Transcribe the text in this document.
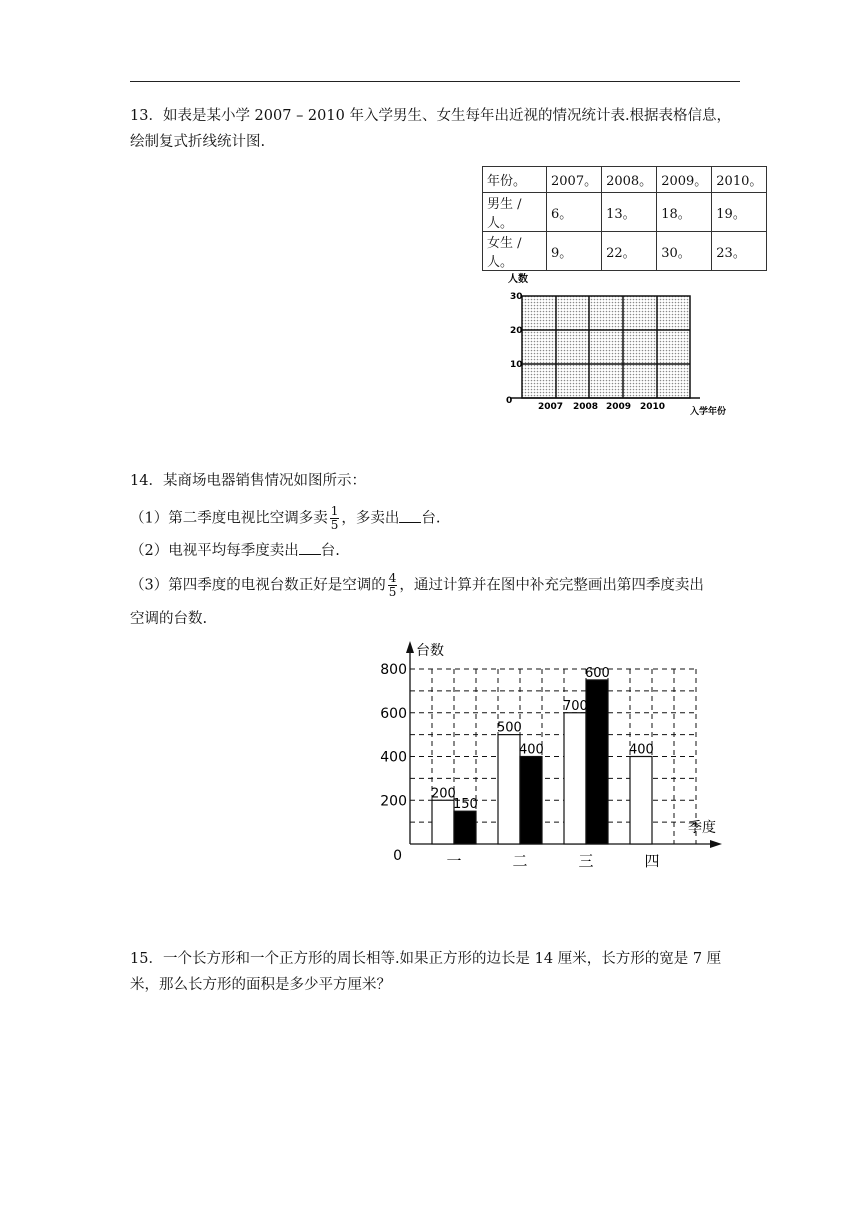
13．如表是某小学 2007 – 2010 年入学男生、女生每年出近视的情况统计表.根据表格信息，
绘制复式折线统计图.
年份。	2007。	2008。	2009。	2010。
男生 / 人。	6。	13。	18。	19。
女生 / 人。	9。	22。	30。	23。
人数
30
20
10
0
2007 2008 2009 2010	入学年份
14．某商场电器销售情况如图所示：
（1）第二季度电视比空调多卖 $\frac{1}{5}$ ，多卖出 台.
（2）电视平均每季度卖出 台.
（3）第四季度的电视台数正好是空调的 $\frac{4}{5}$ ，通过计算并在图中补充完整画出第四季度卖出
空调的台数.
0
200
400
600
800
台数
季度
一	二	三	四
200
500
700
400
150
400
600
15．一个长方形和一个正方形的周长相等.如果正方形的边长是 14 厘米，长方形的宽是 7 厘
米，那么长方形的面积是多少平方厘米？
